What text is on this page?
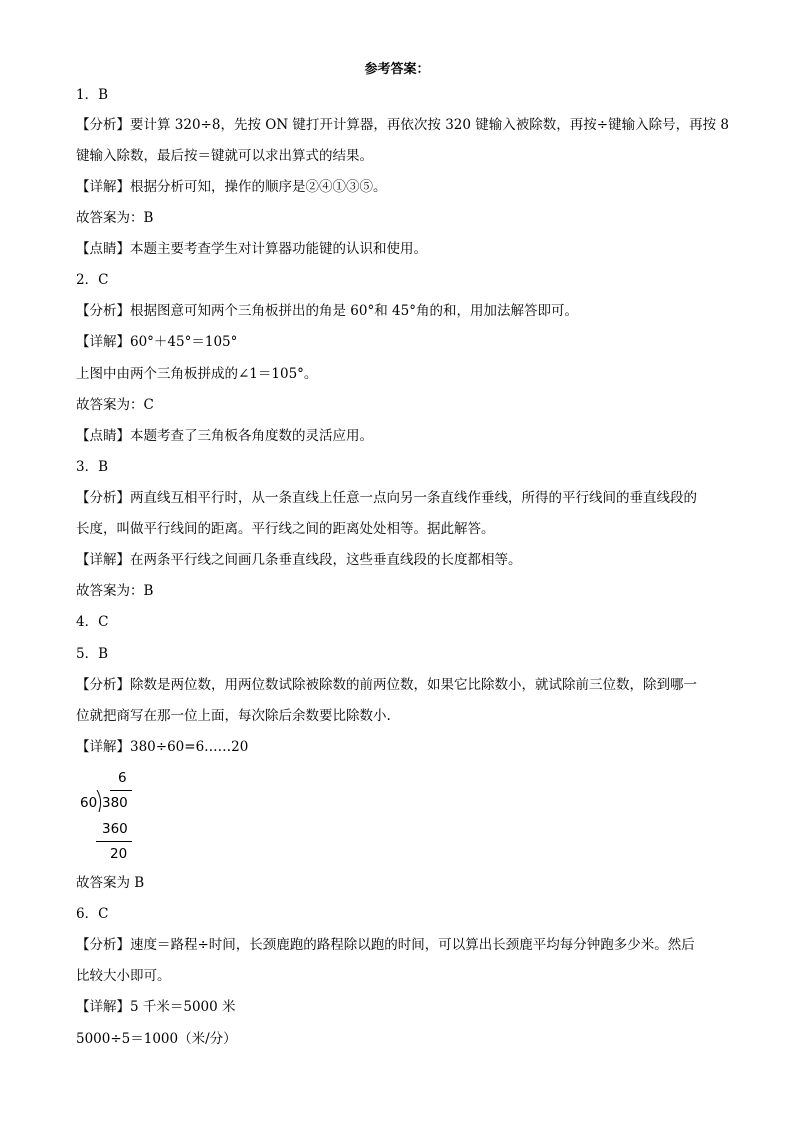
参考答案：
1．B
【分析】要计算 320÷8，先按 ON 键打开计算器，再依次按 320 键输入被除数，再按÷键输入除号，再按 8
键输入除数，最后按＝键就可以求出算式的结果。
【详解】根据分析可知，操作的顺序是②④①③⑤。
故答案为：B
【点睛】本题主要考查学生对计算器功能键的认识和使用。
2．C
【分析】根据图意可知两个三角板拼出的角是 60°和 45°角的和，用加法解答即可。
【详解】60°＋45°＝105°
上图中由两个三角板拼成的∠1＝105°。
故答案为：C
【点睛】本题考查了三角板各角度数的灵活应用。
3．B
【分析】两直线互相平行时，从一条直线上任意一点向另一条直线作垂线，所得的平行线间的垂直线段的
长度，叫做平行线间的距离。平行线之间的距离处处相等。据此解答。
【详解】在两条平行线之间画几条垂直线段，这些垂直线段的长度都相等。
故答案为：B
4．C
5．B
【分析】除数是两位数，用两位数试除被除数的前两位数，如果它比除数小，就试除前三位数，除到哪一
位就把商写在那一位上面，每次除后余数要比除数小.
【详解】380÷60=6……20
6
60 380
360
20
故答案为 B
6．C
【分析】速度＝路程÷时间，长颈鹿跑的路程除以跑的时间，可以算出长颈鹿平均每分钟跑多少米。然后
比较大小即可。
【详解】5 千米＝5000 米
5000÷5＝1000（米/分）
